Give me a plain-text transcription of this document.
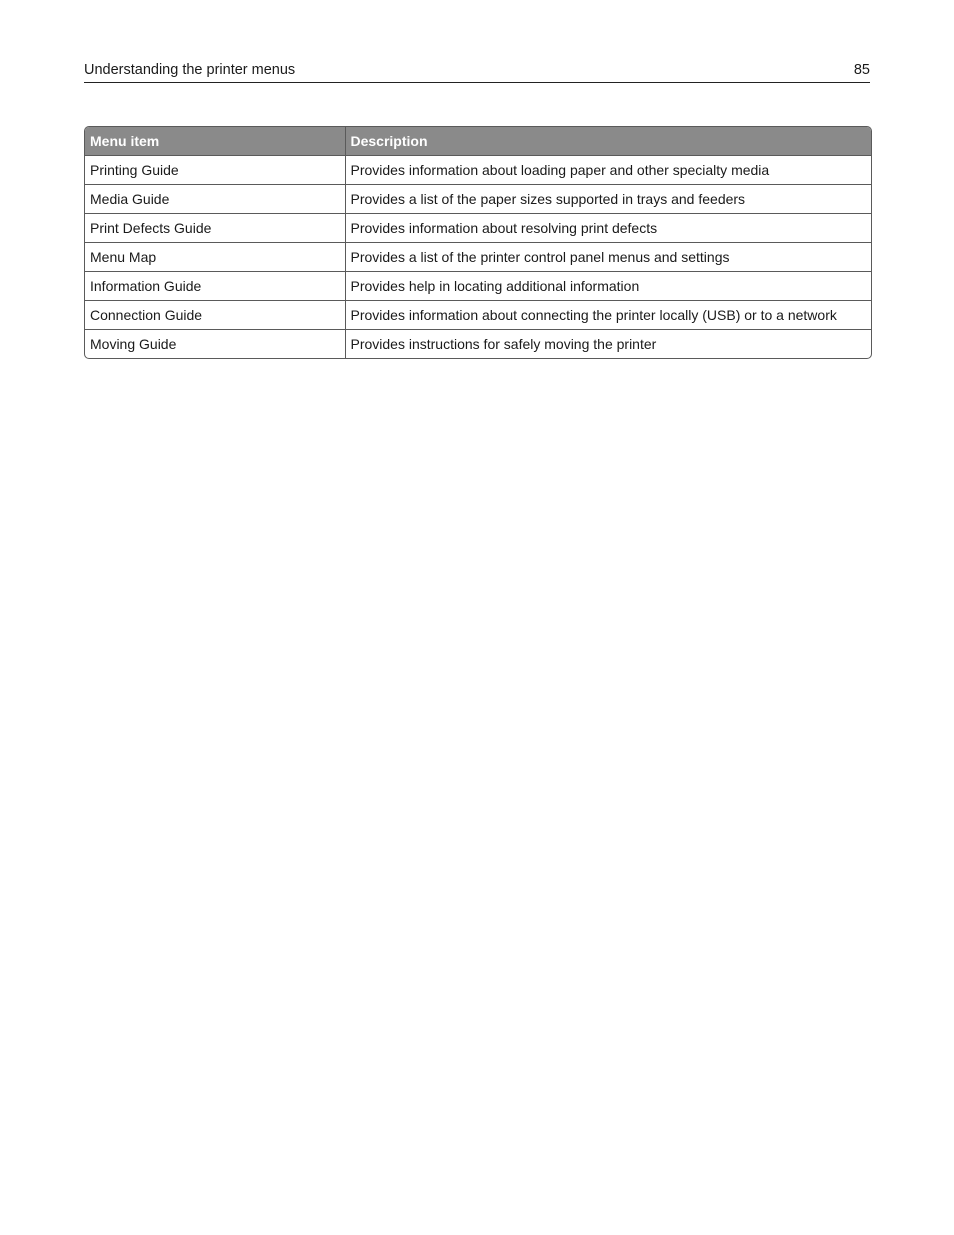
Understanding the printer menus	85
Menu item	Description
Printing Guide	Provides information about loading paper and other specialty media
Media Guide	Provides a list of the paper sizes supported in trays and feeders
Print Defects Guide	Provides information about resolving print defects
Menu Map	Provides a list of the printer control panel menus and settings
Information Guide	Provides help in locating additional information
Connection Guide	Provides information about connecting the printer locally (USB) or to a network
Moving Guide	Provides instructions for safely moving the printer
